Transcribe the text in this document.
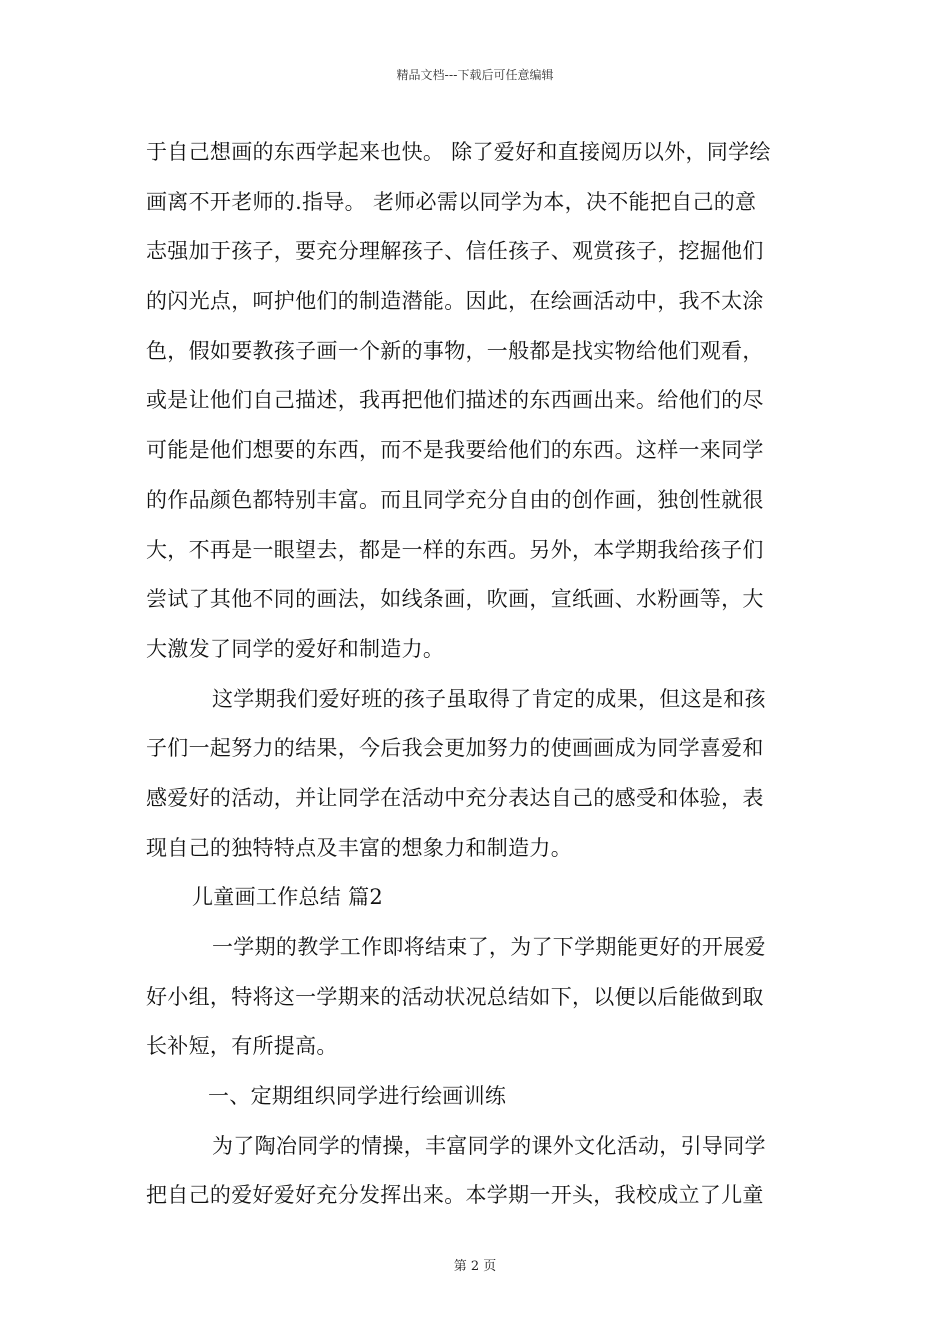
精品文档---下载后可任意编辑
于自己想画的东西学起来也快。 除了爱好和直接阅历以外，同学绘
画离不开老师的.指导。 老师必需以同学为本，决不能把自己的意
志强加于孩子，要充分理解孩子、信任孩子、观赏孩子，挖掘他们
的闪光点，呵护他们的制造潜能。因此，在绘画活动中，我不太涂
色，假如要教孩子画一个新的事物，一般都是找实物给他们观看，
或是让他们自己描述，我再把他们描述的东西画出来。给他们的尽
可能是他们想要的东西，而不是我要给他们的东西。这样一来同学
的作品颜色都特别丰富。而且同学充分自由的创作画，独创性就很
大，不再是一眼望去，都是一样的东西。另外，本学期我给孩子们
尝试了其他不同的画法，如线条画，吹画，宣纸画、水粉画等，大
大激发了同学的爱好和制造力。
这学期我们爱好班的孩子虽取得了肯定的成果，但这是和孩
子们一起努力的结果，今后我会更加努力的使画画成为同学喜爱和
感爱好的活动，并让同学在活动中充分表达自己的感受和体验，表
现自己的独特特点及丰富的想象力和制造力。
儿童画工作总结 篇2
一学期的教学工作即将结束了，为了下学期能更好的开展爱
好小组，特将这一学期来的活动状况总结如下，以便以后能做到取
长补短，有所提高。
一、定期组织同学进行绘画训练
为了陶冶同学的情操，丰富同学的课外文化活动，引导同学
把自己的爱好爱好充分发挥出来。本学期一开头，我校成立了儿童
第 2 页
